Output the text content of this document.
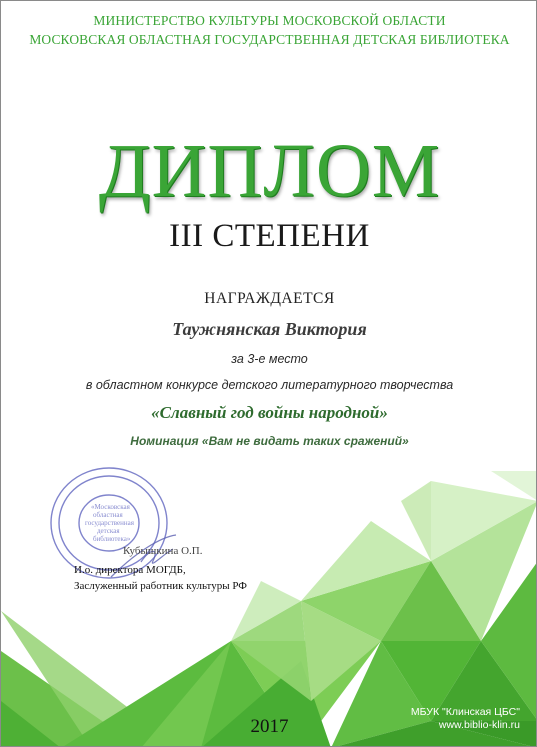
МИНИСТЕРСТВО КУЛЬТУРЫ МОСКОВСКОЙ ОБЛАСТИ
МОСКОВСКАЯ ОБЛАСТНАЯ ГОСУДАРСТВЕННАЯ ДЕТСКАЯ БИБЛИОТЕКА
ДИПЛОМ
III СТЕПЕНИ
НАГРАЖДАЕТСЯ
Таужнянская Виктория
за 3-е место
в областном конкурсе детского литературного творчества
«Славный год войны народной»
Номинация «Вам не видать таких сражений»
«Московская
областная
государственная
детская
библиотека»
Кубышкина О.П.
И.о. директора МОГДБ,
Заслуженный работник культуры РФ
2017
МБУК "Клинская ЦБС"
www.biblio-klin.ru
